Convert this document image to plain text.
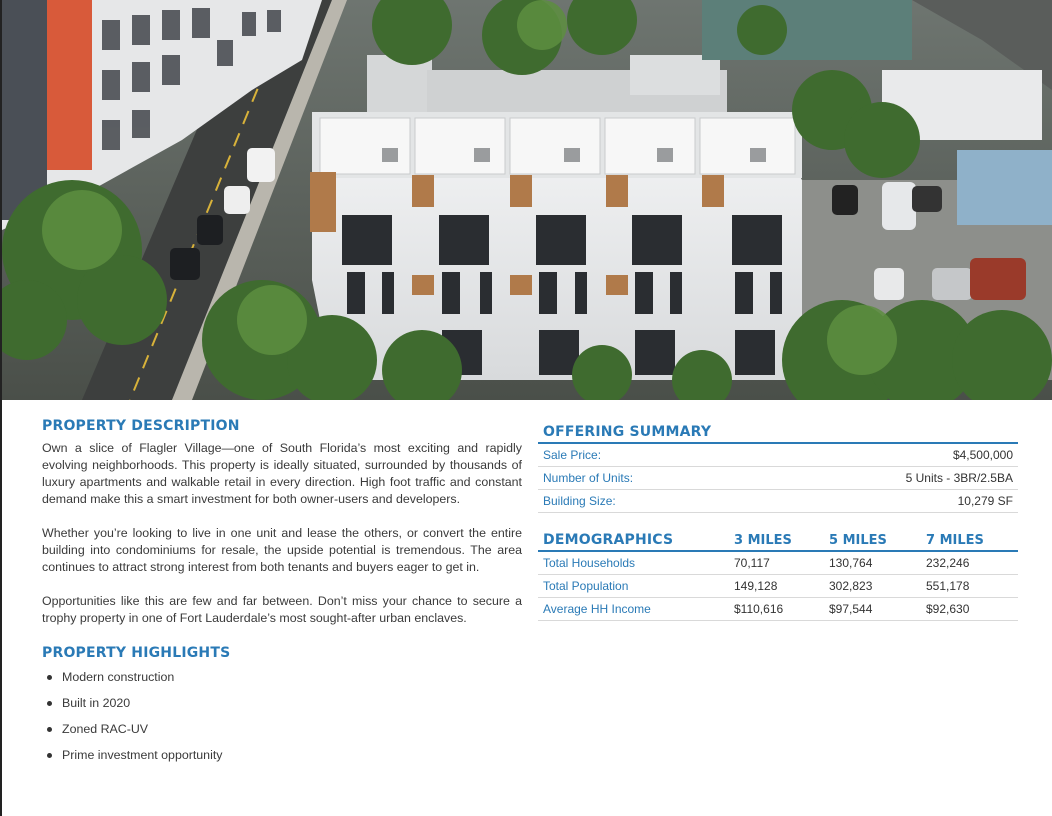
PROPERTY DESCRIPTION

Own a slice of Flagler Village—one of South Florida’s most exciting and rapidly evolving neighborhoods. This property is ideally situated, surrounded by thousands of luxury apartments and walkable retail in every direction. High foot traffic and constant demand make this a smart investment for both owner-users and developers.

Whether you’re looking to live in one unit and lease the others, or convert the entire building into condominiums for resale, the upside potential is tremendous. The area continues to attract strong interest from both tenants and buyers eager to get in.

Opportunities like this are few and far between. Don’t miss your chance to secure a trophy property in one of Fort Lauderdale’s most sought-after urban enclaves.

PROPERTY HIGHLIGHTS
Modern construction
Built in 2020
Zoned RAC-UV
Prime investment opportunity
OFFERING SUMMARY
Sale Price:	$4,500,000
Number of Units:	5 Units - 3BR/2.5BA
Building Size:	10,279 SF
DEMOGRAPHICS	3 MILES	5 MILES	7 MILES
Total Households	70,117	130,764	232,246
Total Population	149,128	302,823	551,178
Average HH Income	$110,616	$97,544	$92,630
